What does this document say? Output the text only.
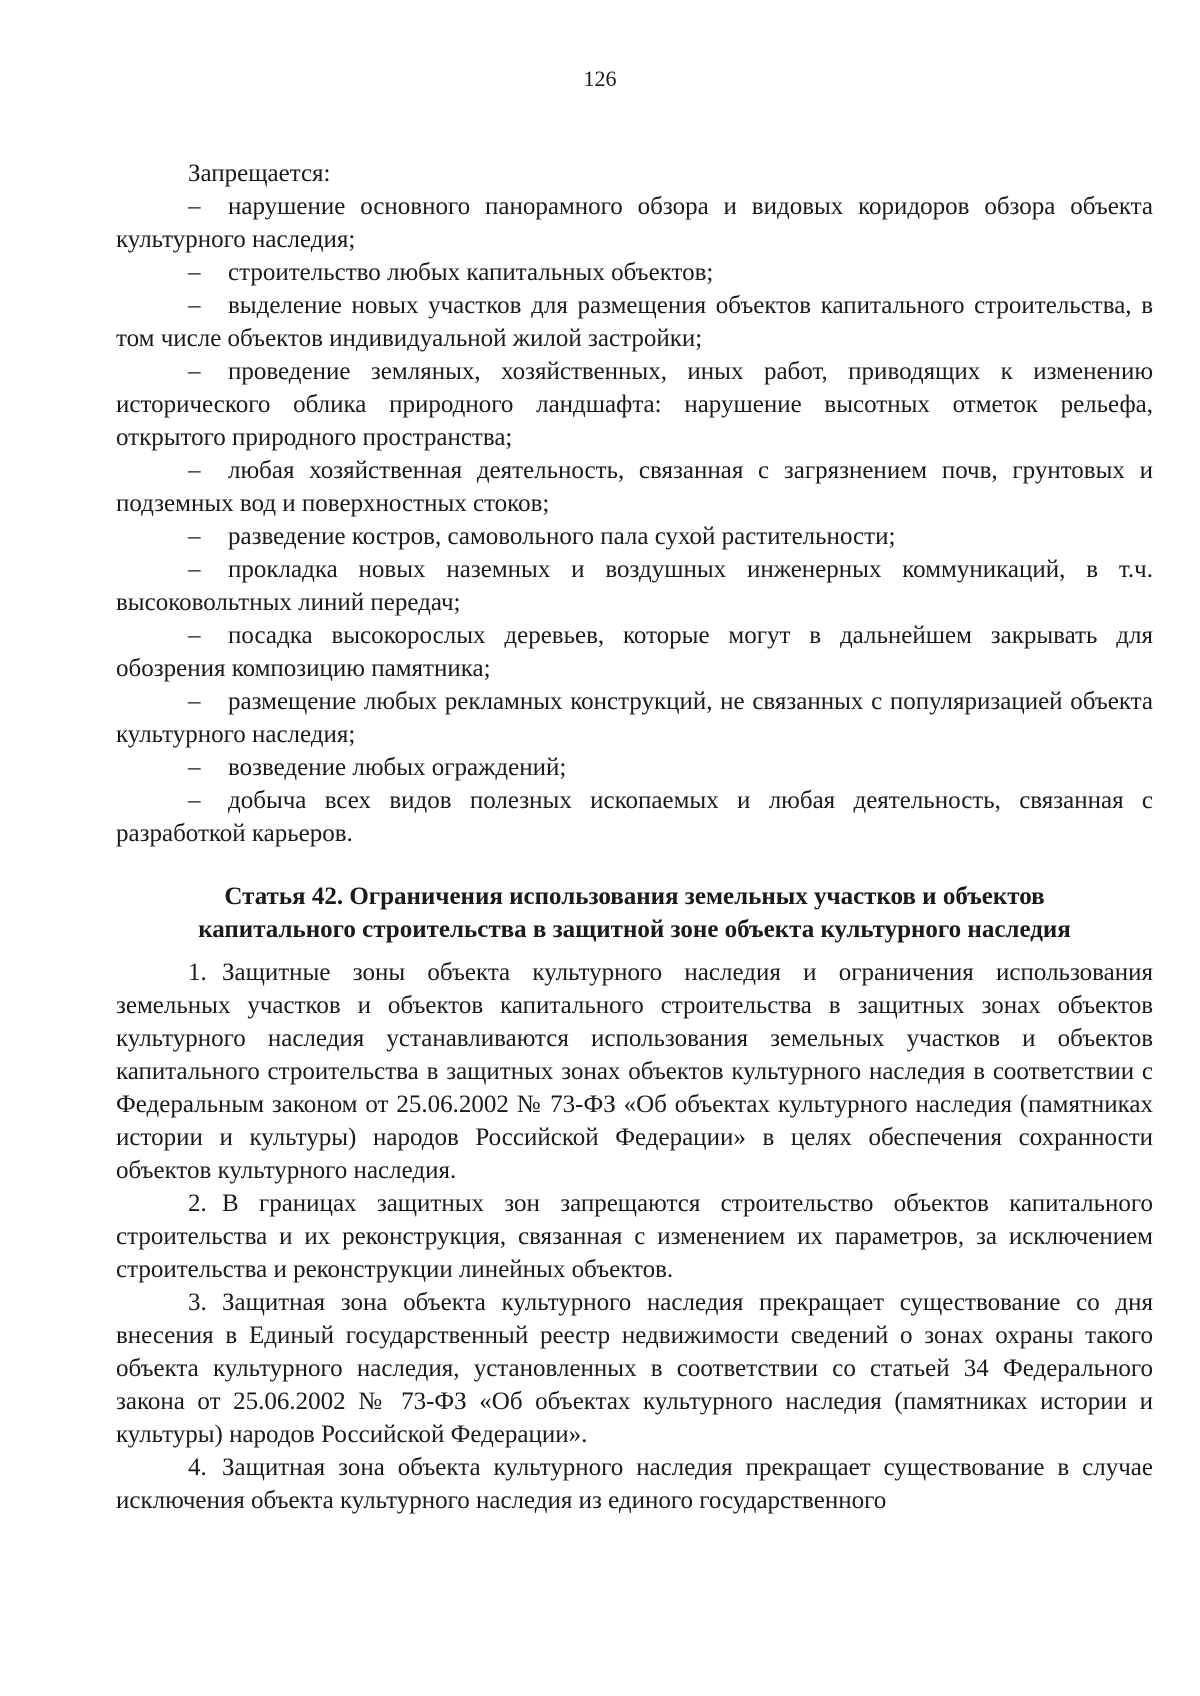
126

Запрещается:

– нарушение основного панорамного обзора и видовых коридоров обзора объекта культурного наследия;
– строительство любых капитальных объектов;
– выделение новых участков для размещения объектов капитального строительства, в том числе объектов индивидуальной жилой застройки;
– проведение земляных, хозяйственных, иных работ, приводящих к изменению исторического облика природного ландшафта: нарушение высотных отметок рельефа, открытого природного пространства;
– любая хозяйственная деятельность, связанная с загрязнением почв, грунтовых и подземных вод и поверхностных стоков;
– разведение костров, самовольного пала сухой растительности;
– прокладка новых наземных и воздушных инженерных коммуникаций, в т.ч. высоковольтных линий передач;
– посадка высокорослых деревьев, которые могут в дальнейшем закрывать для обозрения композицию памятника;
– размещение любых рекламных конструкций, не связанных с популяризацией объекта культурного наследия;
– возведение любых ограждений;
– добыча всех видов полезных ископаемых и любая деятельность, связанная с разработкой карьеров.
Статья 42. Ограничения использования земельных участков и объектов
капитального строительства в защитной зоне объекта культурного наследия

1. Защитные зоны объекта культурного наследия и ограничения использования земельных участков и объектов капитального строительства в защитных зонах объектов культурного наследия устанавливаются использования земельных участков и объектов капитального строительства в защитных зонах объектов культурного наследия в соответствии с Федеральным законом от 25.06.2002 № 73-ФЗ «Об объектах культурного наследия (памятниках истории и культуры) народов Российской Федерации» в целях обеспечения сохранности объектов культурного наследия.

2. В границах защитных зон запрещаются строительство объектов капитального строительства и их реконструкция, связанная с изменением их параметров, за исключением строительства и реконструкции линейных объектов.

3. Защитная зона объекта культурного наследия прекращает существование со дня внесения в Единый государственный реестр недвижимости сведений о зонах охраны такого объекта культурного наследия, установленных в соответствии со статьей 34 Федерального закона от 25.06.2002 № 73-ФЗ «Об объектах культурного наследия (памятниках истории и культуры) народов Российской Федерации».

4. Защитная зона объекта культурного наследия прекращает существование в случае исключения объекта культурного наследия из единого государственного
